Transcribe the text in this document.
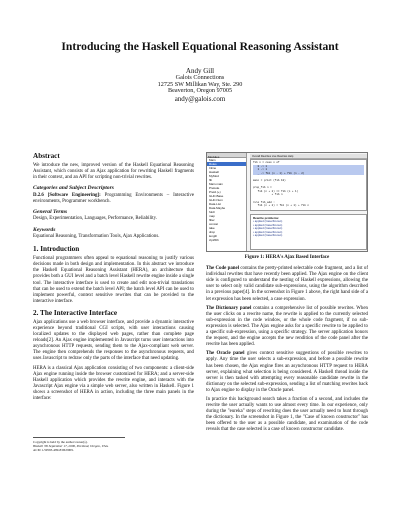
Introducing the Haskell Equational Reasoning Assistant
Andy Gill
Galois Connections
12725 SW Millikan Way, Ste. 290
Beaverton, Oregon 97005
andy@galois.com
Abstract

We introduce the new, improved version of the Haskell Equational Reasoning Assistant, which consists of an Ajax application for rewriting Haskell fragments in their context, and an API for scripting non-trivial rewrites.

Categories and Subject Descriptors

D.2.6 [Software Engineering]: Programming Environments – Interactive environments, Programmer workbench.

General Terms

Design, Experimentation, Languages, Performance, Reliability.

Keywords

Equational Reasoning, Transformation Tools, Ajax Applications.

1. Introduction

Functional programmers often appeal to equational reasoning to justify various decisions made in both design and implementation. In this abstract we introduce the Haskell Equational Reasoning Assistant (HERA), an architecture that provides both a GUI level and a batch level Haskell rewrite engine inside a single tool. The interactive interface is used to create and edit non-trivial translations that can be used to extend the batch level API; the batch level API can be used to implement powerful, context sensitive rewrites that can be provided to the interactive interface.

2. The Interactive Interface

Ajax applications use a web browser interface, and provide a dynamic interactive experience beyond traditional CGI scripts, with user interactions causing localized updates to the displayed web pages, rather than complete page reloads[2]. An Ajax engine implemented in Javascript turns user interactions into asynchronous HTTP requests, sending them to the Ajax-compliant web server. The engine then comprehends the responses to the asynchronous requests, and uses Javascript to redraw only the parts of the interface that need updating.

HERA is a classical Ajax application consisting of two components: a client-side Ajax engine running inside the browser customized for HERA; and a server-side Haskell application which provides the rewrite engine, and interacts with the Javascript Ajax engine via a simple web server, also written in Haskell. Figure 1 shows a screenshot of HERA in action, including the three main panels in the interface:

Copyright is held by the author/owner(s).
Haskell '06 September 17, 2006, Portland, Oregon, USA.
ACM 1-59593-489-8/06/0009.
Modules
Main
Rules
Inline
Haskell
MyMod
fib
Main.main
Prelude
Preld.(+)
GHC.Base
GHC.Num
Data.List
Data.Maybe
foldr
map
filter
concat
take
drop
length
zipWith
Overall Rewrites Live Rewrites Help
fib n = case n of
0 -> 1
1 -> 1
_ -> fib (n - 1) + fib (n - 2)

main = print (fib 10)

prop_fib n =
fib (n + 2) == fib (n + 1)
+ fib n

rule fib_add :
fib (n + 2) = fib (n + 1) + fib n

Rewrite problems:
• applied (Case/Known)
• applied (Case/Known)
• applied (Case/Known)
• applied (Case/Known)
• applied (Case/Known)
Figure 1: HERA's Ajax Based Interface

The Code panel contains the pretty-printed selectable code fragment, and a list of individual rewrites that have recently been applied. The Ajax engine on the client side is configured to understand the nesting of Haskell expressions, allowing the user to select only valid candidate sub-expressions, using the algorithm described in a previous paper[4]. In the screenshot in Figure 1 above, the right hand side of a let expression has been selected, a case expression.

The Dictionary panel contains a comprehensive list of possible rewrites. When the user clicks on a rewrite name, the rewrite is applied to the currently selected sub-expression in the code window, or the whole code fragment, if no sub-expression is selected. The Ajax engine asks for a specific rewrite to be applied to a specific sub-expression, using a specific strategy. The server application honors the request, and the engine accepts the new rendition of the code panel after the rewrite has been applied.

The Oracle panel gives context sensitive suggestions of possible rewrites to apply. Any time the user selects a sub-expression, and before a possible rewrite has been chosen, the Ajax engine fires an asynchronous HTTP request to HERA server, explaining what selection is being considered. A Haskell thread inside the server is then tasked with attempting every reasonable candidate rewrite in the dictionary on the selected sub-expression, sending a list of matching rewrites back to Ajax engine to display in the Oracle panel.

In practice this background search takes a fraction of a second, and includes the rewrite the user actually wants to use almost every time. In our experience, only during the "eureka" steps of rewriting does the user actually need to hunt through the dictionary. In the screenshot in Figure 1, the "Case of known constructor" has been offered to the user as a possible candidate, and examination of the code reveals that the case selected is a case of known constructor candidate.
